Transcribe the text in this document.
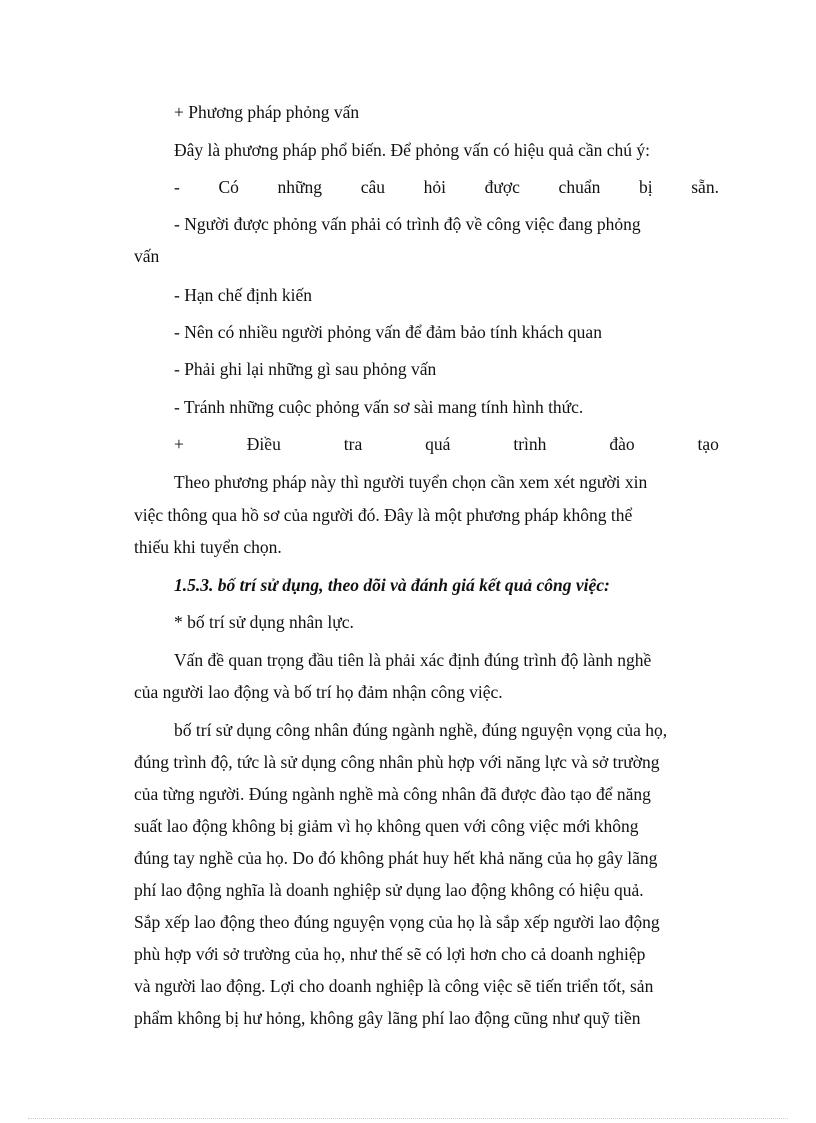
+ Phương pháp phỏng vấn
Đây là phương pháp phổ biến. Để phỏng vấn có hiệu quả cần chú ý:
- Có những câu hỏi được chuẩn bị sẵn.
- Người được phỏng vấn phải có trình độ về công việc đang phỏng
vấn
- Hạn chế định kiến
- Nên có nhiều người phỏng vấn để đảm bảo tính khách quan
- Phải ghi lại những gì sau phỏng vấn
- Tránh những cuộc phỏng vấn sơ sài mang tính hình thức.
+	Điều	tra	quá	trình	đào	tạo
Theo phương pháp này thì người tuyển chọn cần xem xét người xin
việc thông qua hồ sơ của người đó. Đây là một phương pháp không thể
thiếu khi tuyển chọn.
1.5.3. bố trí sử dụng, theo dõi và đánh giá kết quả công việc:
* bố trí sử dụng nhân lực.
Vấn đề quan trọng đầu tiên là phải xác định đúng trình độ lành nghề
của người lao động và bố trí họ đảm nhận công việc.
bố trí sử dụng công nhân đúng ngành nghề, đúng nguyện vọng của họ,
đúng trình độ, tức là sử dụng công nhân phù hợp với năng lực và sở trường
của từng người. Đúng ngành nghề mà công nhân đã được đào tạo để năng
suất lao động không bị giảm vì họ không quen với công việc mới không
đúng tay nghề của họ. Do đó không phát huy hết khả năng của họ gây lãng
phí lao động nghĩa là doanh nghiệp sử dụng lao động không có hiệu quả.
Sắp xếp lao động theo đúng nguyện vọng của họ là sắp xếp người lao động
phù hợp với sở trường của họ, như thế sẽ có lợi hơn cho cả doanh nghiệp
và người lao động. Lợi cho doanh nghiệp là công việc sẽ tiến triển tốt, sản
phẩm không bị hư hỏng, không gây lãng phí lao động cũng như quỹ tiền
